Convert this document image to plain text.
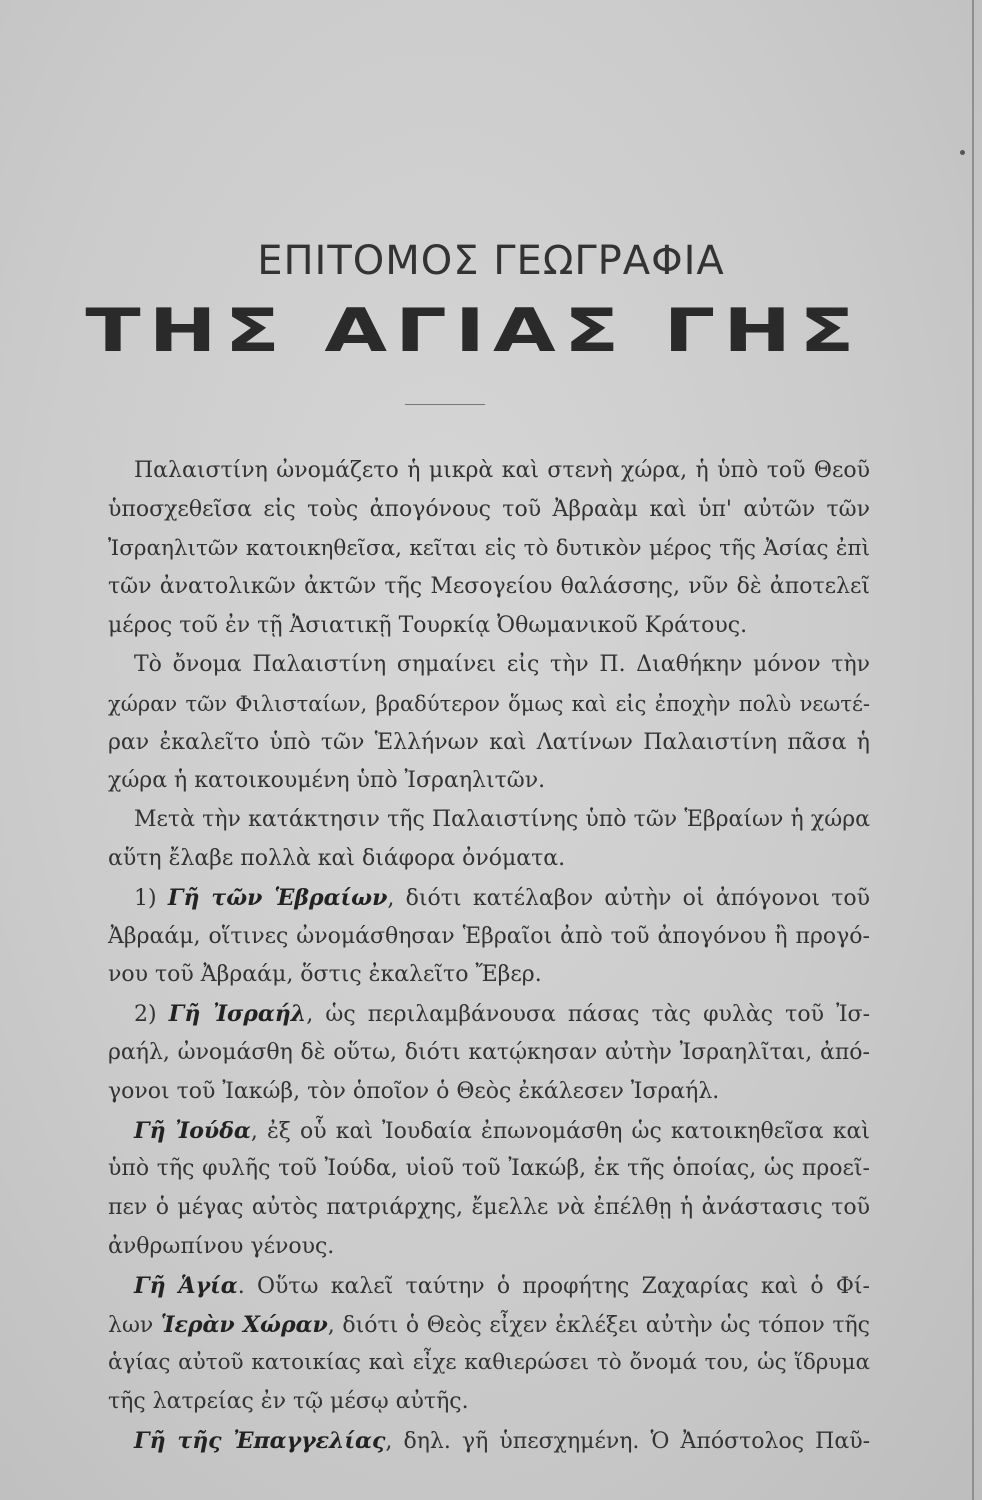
ΕΠΙΤΟΜΟΣ ΓΕΩΓΡΑΦΙΑ
ΤΗΣ ΑΓΙΑΣ ΓΗΣ
Παλαιστίνη ὠνομάζετο ἡ μικρὰ καὶ στενὴ χώρα, ἡ ὑπὸ τοῦ Θεοῦ
ὑποσχεθεῖσα εἰς τοὺς ἀπογόνους τοῦ Ἀβραὰμ καὶ ὑπ' αὐτῶν τῶν
Ἰσραηλιτῶν κατοικηθεῖσα, κεῖται εἰς τὸ δυτικὸν μέρος τῆς Ἀσίας ἐπὶ
τῶν ἀνατολικῶν ἀκτῶν τῆς Μεσογείου θαλάσσης, νῦν δὲ ἀποτελεῖ
μέρος τοῦ ἐν τῇ Ἀσιατικῇ Τουρκίᾳ Ὀθωμανικοῦ Κράτους.
Τὸ ὄνομα Παλαιστίνη σημαίνει εἰς τὴν Π. Διαθήκην μόνον τὴν
χώραν τῶν Φιλισταίων, βραδύτερον ὅμως καὶ εἰς ἐποχὴν πολὺ νεωτέ-
ραν ἐκαλεῖτο ὑπὸ τῶν Ἑλλήνων καὶ Λατίνων Παλαιστίνη πᾶσα ἡ
χώρα ἡ κατοικουμένη ὑπὸ Ἰσραηλιτῶν.
Μετὰ τὴν κατάκτησιν τῆς Παλαιστίνης ὑπὸ τῶν Ἑβραίων ἡ χώρα
αὕτη ἔλαβε πολλὰ καὶ διάφορα ὀνόματα.
1) Γῆ τῶν Ἑβραίων, διότι κατέλαβον αὐτὴν οἱ ἀπόγονοι τοῦ
Ἀβραάμ, οἵτινες ὠνομάσθησαν Ἑβραῖοι ἀπὸ τοῦ ἀπογόνου ἢ προγό-
νου τοῦ Ἀβραάμ, ὅστις ἐκαλεῖτο Ἔβερ.
2) Γῆ Ἰσραήλ, ὡς περιλαμβάνουσα πάσας τὰς φυλὰς τοῦ Ἰσ-
ραήλ, ὠνομάσθη δὲ οὕτω, διότι κατῴκησαν αὐτὴν Ἰσραηλῖται, ἀπό-
γονοι τοῦ Ἰακώβ, τὸν ὁποῖον ὁ Θεὸς ἐκάλεσεν Ἰσραήλ.
Γῆ Ἰούδα, ἐξ οὗ καὶ Ἰουδαία ἐπωνομάσθη ὡς κατοικηθεῖσα καὶ
ὑπὸ τῆς φυλῆς τοῦ Ἰούδα, υἱοῦ τοῦ Ἰακώβ, ἐκ τῆς ὁποίας, ὡς προεῖ-
πεν ὁ μέγας αὐτὸς πατριάρχης, ἔμελλε νὰ ἐπέλθῃ ἡ ἀνάστασις τοῦ
ἀνθρωπίνου γένους.
Γῆ Ἁγία. Οὕτω καλεῖ ταύτην ὁ προφήτης Ζαχαρίας καὶ ὁ Φί-
λων Ἱερὰν Χώραν, διότι ὁ Θεὸς εἶχεν ἐκλέξει αὐτὴν ὡς τόπον τῆς
ἁγίας αὐτοῦ κατοικίας καὶ εἶχε καθιερώσει τὸ ὄνομά του, ὡς ἵδρυμα
τῆς λατρείας ἐν τῷ μέσῳ αὐτῆς.
Γῆ τῆς Ἐπαγγελίας, δηλ. γῆ ὑπεσχημένη. Ὁ Ἀπόστολος Παῦ-
